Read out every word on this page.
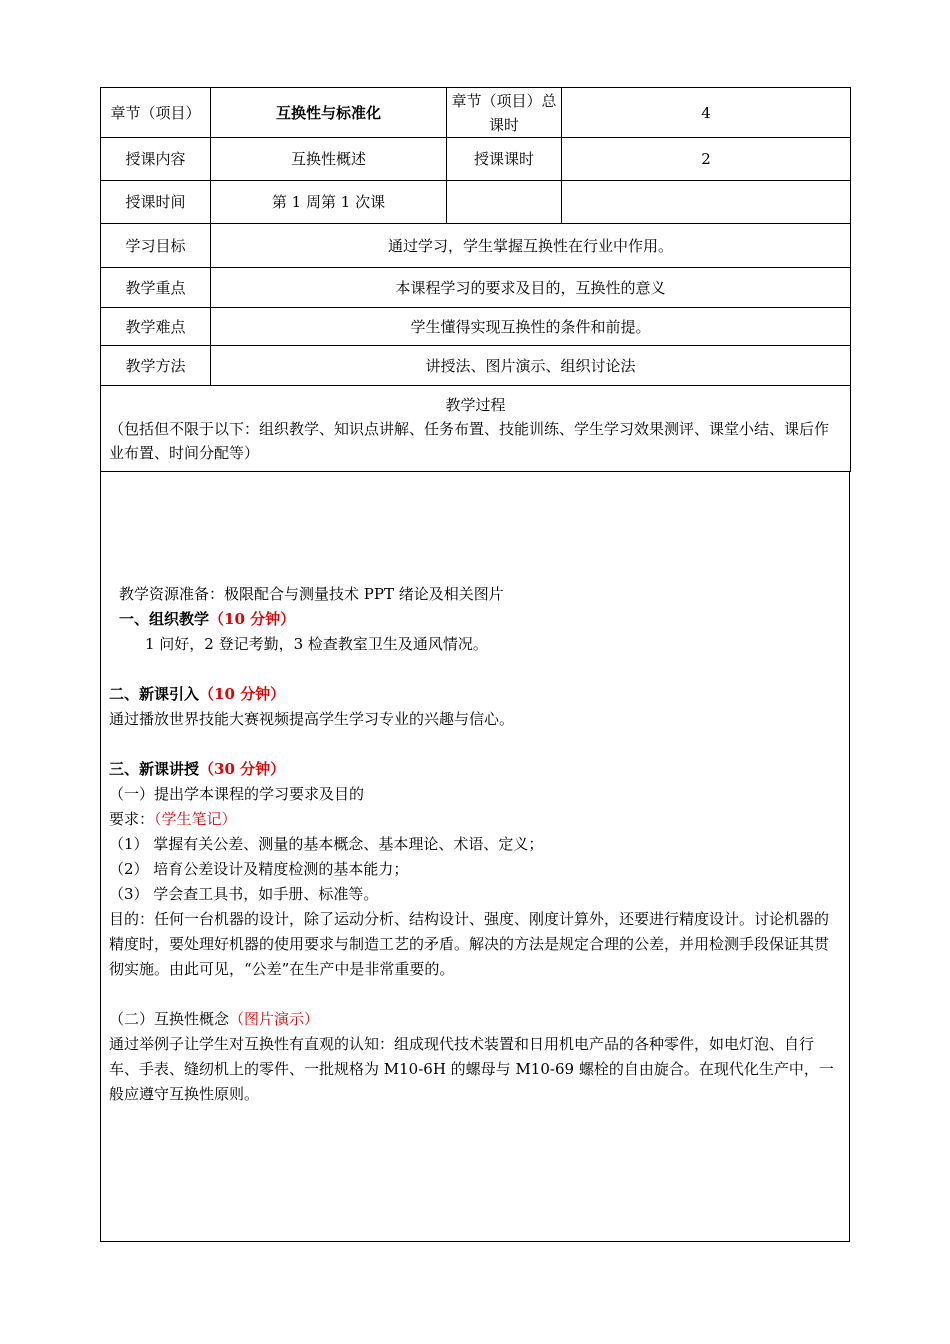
章节（项目）	互换性与标准化	章节（项目）总课时	4
授课内容	互换性概述	授课课时	2
授课时间	第 1 周第 1 次课		
学习目标	通过学习，学生掌握互换性在行业中作用。		
教学重点	本课程学习的要求及目的，互换性的意义		
教学难点	学生懂得实现互换性的条件和前提。		
教学方法	讲授法、图片演示、组织讨论法		

教学过程
（包括但不限于以下：组织教学、知识点讲解、任务布置、技能训练、学生学习效果测评、课堂小结、课后作业布置、时间分配等）			

教学资源准备：极限配合与测量技术 PPT 绪论及相关图片

一、组织教学（10 分钟）

1 问好，2 登记考勤，3 检查教室卫生及通风情况。

二、新课引入（10 分钟）

通过播放世界技能大赛视频提高学生学习专业的兴趣与信心。

三、新课讲授（30 分钟）

（一）提出学本课程的学习要求及目的

要求：（学生笔记）

（1） 掌握有关公差、测量的基本概念、基本理论、术语、定义；

（2） 培育公差设计及精度检测的基本能力；

（3） 学会查工具书，如手册、标准等。

目的：任何一台机器的设计，除了运动分析、结构设计、强度、刚度计算外，还要进行精度设计。讨论机器的精度时，要处理好机器的使用要求与制造工艺的矛盾。解决的方法是规定合理的公差，并用检测手段保证其贯彻实施。由此可见，“公差”在生产中是非常重要的。

（二）互换性概念（图片演示）

通过举例子让学生对互换性有直观的认知：组成现代技术装置和日用机电产品的各种零件，如电灯泡、自行车、手表、缝纫机上的零件、一批规格为 M10-6H 的螺母与 M10-69 螺栓的自由旋合。在现代化生产中，一般应遵守互换性原则。
